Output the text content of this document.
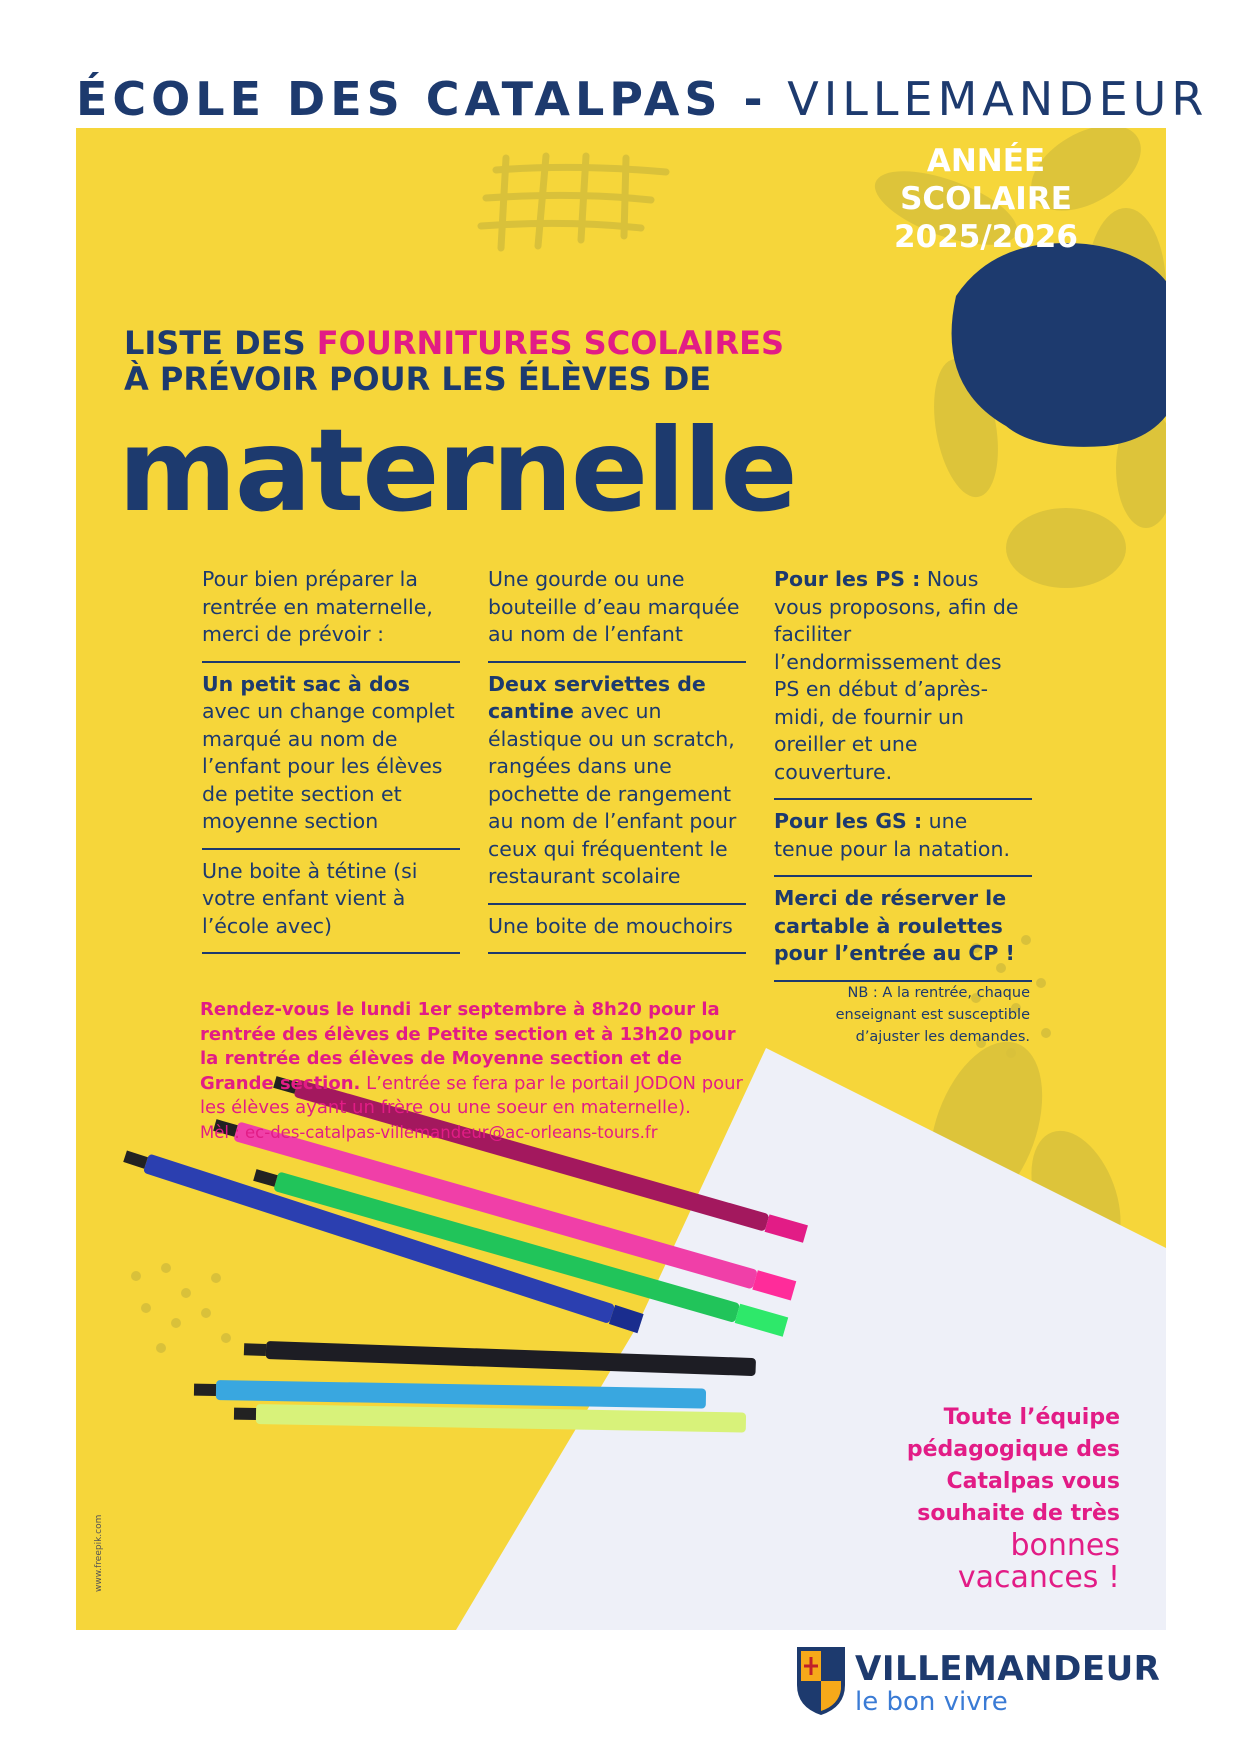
ÉCOLE DES CATALPAS - VILLEMANDEUR
ANNÉE
SCOLAIRE
2025/2026
LISTE DES FOURNITURES SCOLAIRES
À PRÉVOIR POUR LES ÉLÈVES DE
maternelle

Pour bien préparer la rentrée en maternelle, merci de prévoir :

Un petit sac à dos avec un change complet marqué au nom de l’enfant pour les élèves de petite section et moyenne section

Une boite à tétine (si votre enfant vient à l’école avec)

Une gourde ou une bouteille d’eau marquée au nom de l’enfant

Deux serviettes de cantine avec un élastique ou un scratch, rangées dans une pochette de rangement au nom de l’enfant pour ceux qui fréquentent le restaurant scolaire

Une boite de mouchoirs

Pour les PS : Nous vous proposons, afin de faciliter l’endormissement des PS en début d’après-midi, de fournir un oreiller et une couverture.

Pour les GS : une tenue pour la natation.

Merci de réserver le cartable à roulettes pour l’entrée au CP !

NB : A la rentrée, chaque
enseignant est susceptible
d’ajuster les demandes.
Rendez-vous le lundi 1er septembre à 8h20 pour la rentrée des élèves de Petite section et à 13h20 pour la rentrée des élèves de Moyenne section et de Grande section. L’entrée se fera par le portail JODON pour les élèves ayant un frère ou une soeur en maternelle).
Mèl : ec-des-catalpas-villemandeur@ac-orleans-tours.fr
Toute l’équipe
pédagogique des
Catalpas vous
souhaite de très
bonnes
vacances !
www.freepik.com
VILLEMANDEUR
le bon vivre
